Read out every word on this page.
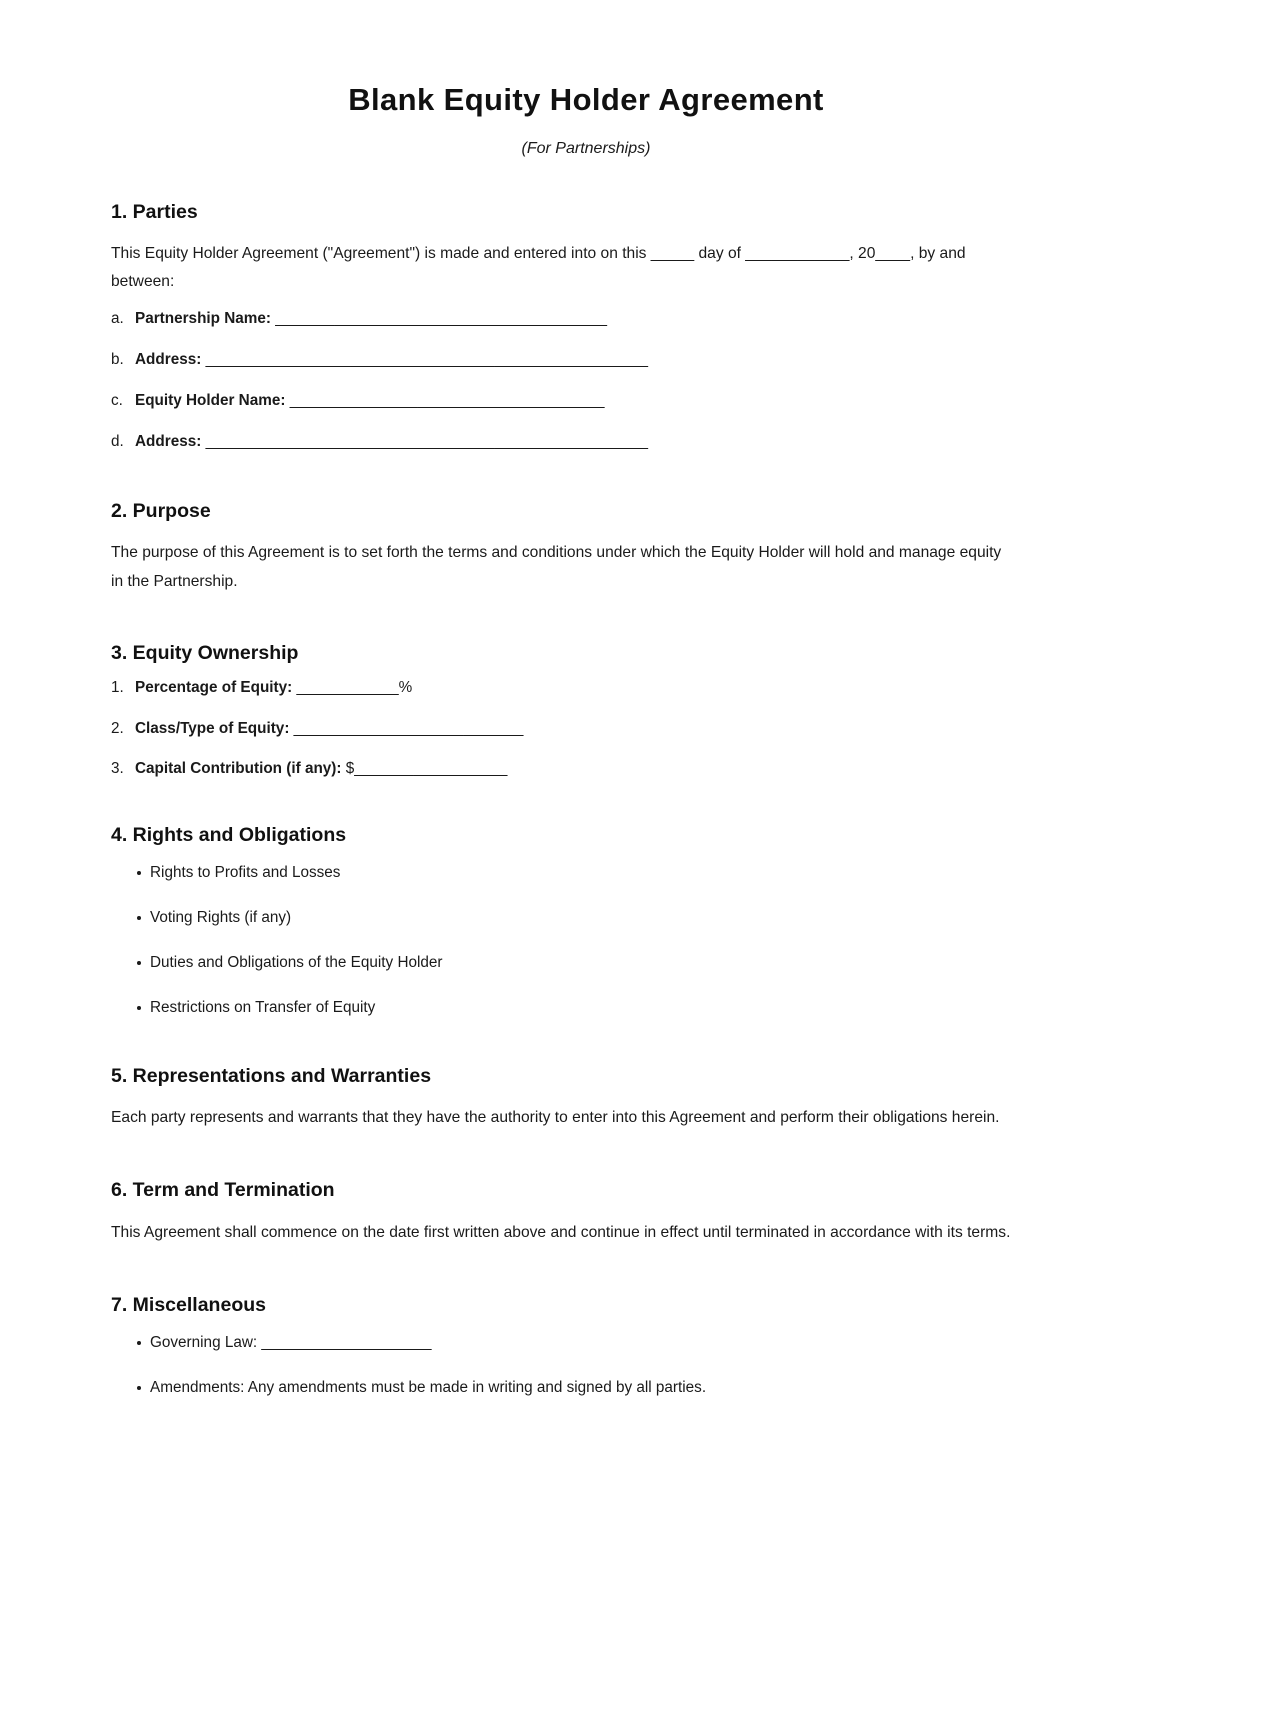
Blank Equity Holder Agreement
(For Partnerships)
1. Parties

This Equity Holder Agreement ("Agreement") is made and entered into on this _____ day of ____________, 20____, by and between:

a. Partnership Name: _______________________________________
b. Address: ____________________________________________________
c. Equity Holder Name: _____________________________________
d. Address: ____________________________________________________
2. Purpose

The purpose of this Agreement is to set forth the terms and conditions under which the Equity Holder will hold and manage equity in the Partnership.

3. Equity Ownership
1. Percentage of Equity: ____________%
2. Class/Type of Equity: ___________________________
3. Capital Contribution (if any): $__________________
4. Rights and Obligations
Rights to Profits and Losses
Voting Rights (if any)
Duties and Obligations of the Equity Holder
Restrictions on Transfer of Equity
5. Representations and Warranties

Each party represents and warrants that they have the authority to enter into this Agreement and perform their obligations herein.

6. Term and Termination

This Agreement shall commence on the date first written above and continue in effect until terminated in accordance with its terms.

7. Miscellaneous
Governing Law: ____________________
Amendments: Any amendments must be made in writing and signed by all parties.
